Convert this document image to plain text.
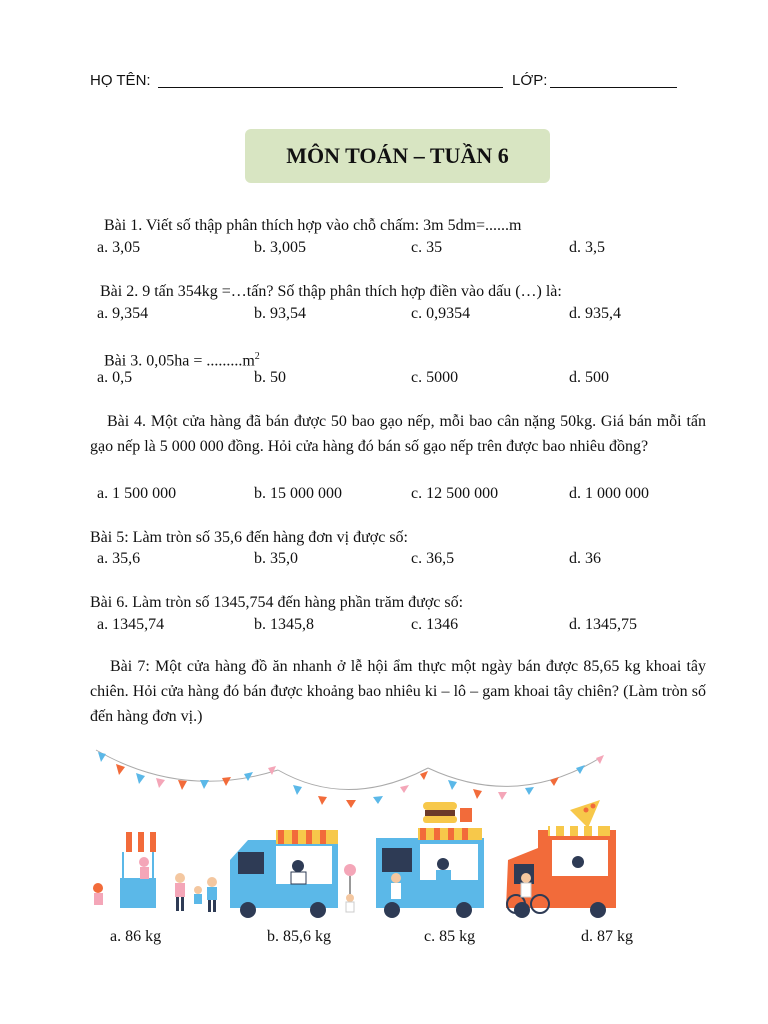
HỌ TÊN:	LỚP:
MÔN TOÁN – TUẦN 6
Bài 1. Viết số thập phân thích hợp vào chỗ chấm: 3m 5dm=......m
a. 3,05	b. 3,005	c. 35	d. 3,5
Bài 2. 9 tấn 354kg =…tấn? Số thập phân thích hợp điền vào dấu (…) là:
a. 9,354	b. 93,54	c. 0,9354	d. 935,4
Bài 3. $0,05ha = .........m^2$
a. 0,5	b. 50	c. 5000	d. 500
Bài 4. Một cửa hàng đã bán được 50 bao gạo nếp, mỗi bao cân nặng 50kg. Giá bán mỗi tấn gạo nếp là 5 000 000 đồng. Hỏi cửa hàng đó bán số gạo nếp trên được bao nhiêu đồng?
a. 1 500 000	b. 15 000 000	c. 12 500 000	d. 1 000 000
Bài 5: Làm tròn số 35,6 đến hàng đơn vị được số:
a. 35,6	b. 35,0	c. 36,5	d. 36
Bài 6. Làm tròn số 1345,754 đến hàng phần trăm được số:
a. 1345,74	b. 1345,8	c. 1346	d. 1345,75
Bài 7: Một cửa hàng đồ ăn nhanh ở lễ hội ẩm thực một ngày bán được 85,65 kg khoai tây chiên. Hỏi cửa hàng đó bán được khoảng bao nhiêu ki – lô – gam khoai tây chiên? (Làm tròn số đến hàng đơn vị.)
a. 86 kg	b. 85,6 kg	c. 85 kg	d. 87 kg
